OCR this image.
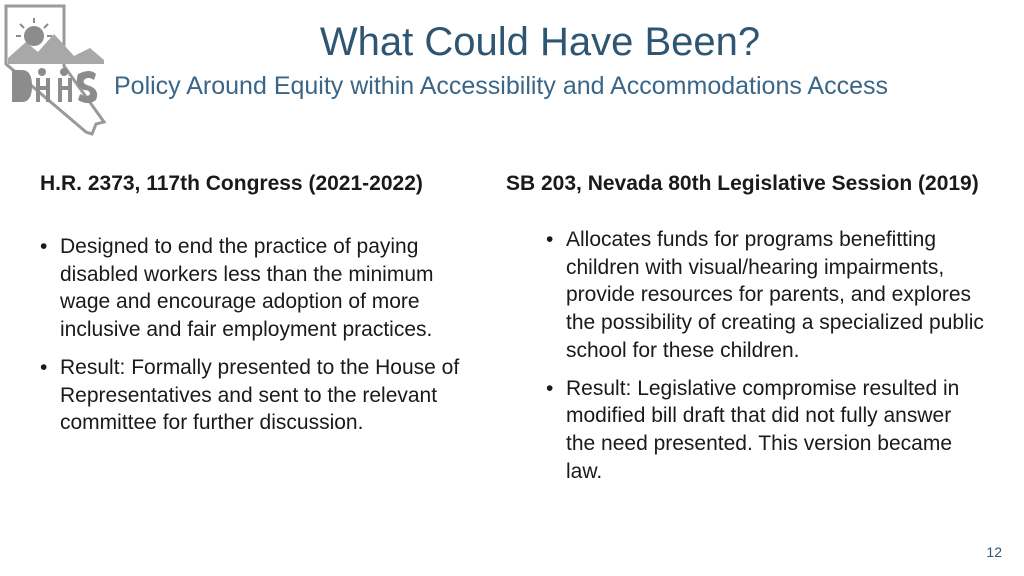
What Could Have Been?
Policy Around Equity within Accessibility and Accommodations Access
H.R. 2373, 117th Congress (2021-2022)
• Designed to end the practice of paying disabled workers less than the minimum wage and encourage adoption of more inclusive and fair employment practices.
• Result: Formally presented to the House of Representatives and sent to the relevant committee for further discussion.
SB 203, Nevada 80th Legislative Session (2019)
• Allocates funds for programs benefitting children with visual/hearing impairments, provide resources for parents, and explores the possibility of creating a specialized public school for these children.
• Result: Legislative compromise resulted in modified bill draft that did not fully answer the need presented. This version became law.
12
